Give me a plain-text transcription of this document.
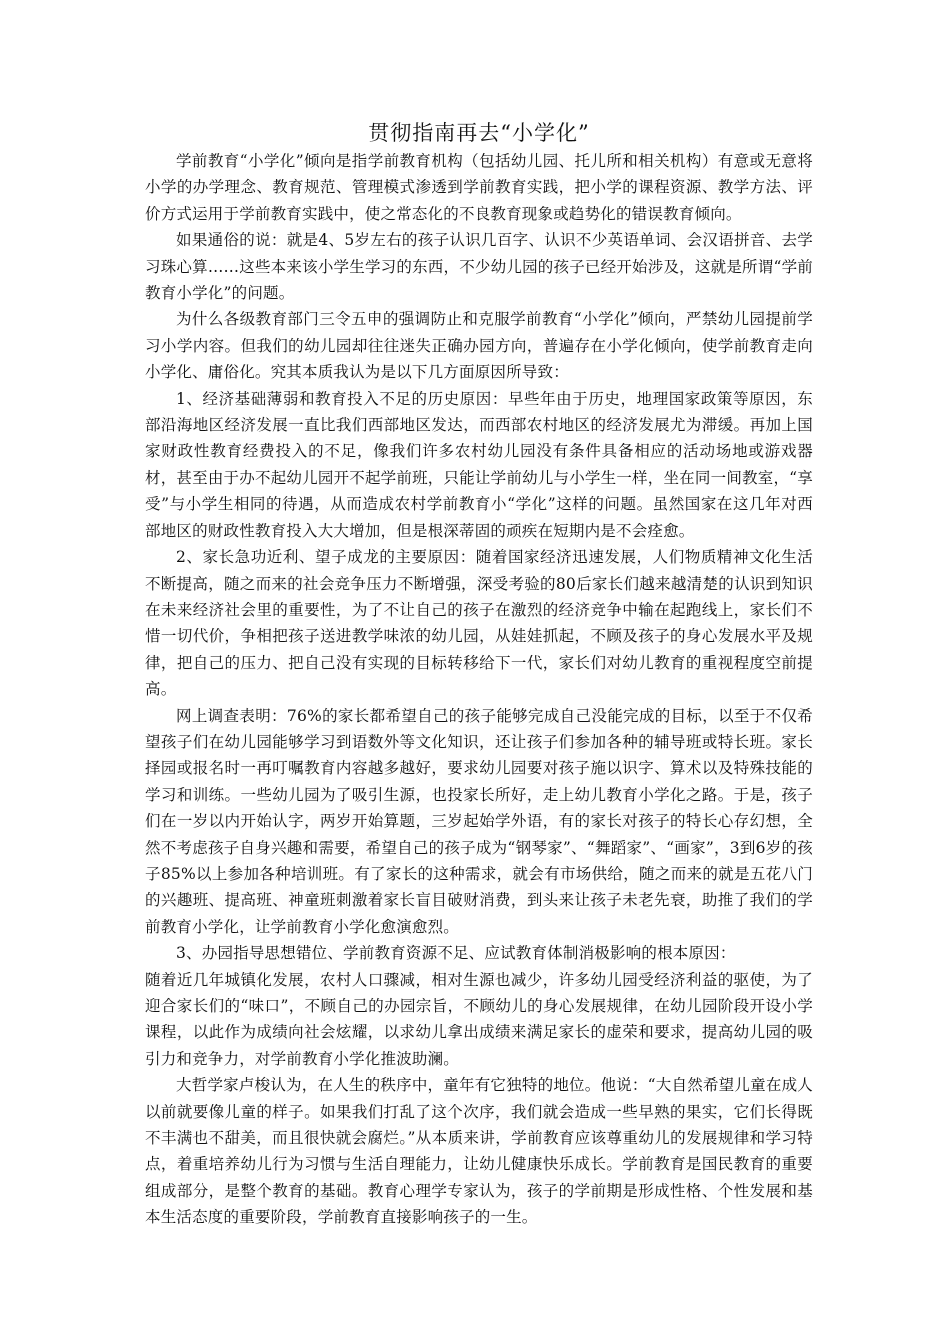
贯彻指南再去“小学化”

学前教育“小学化”倾向是指学前教育机构（包括幼儿园、托儿所和相关机构）有意或无意将小学的办学理念、教育规范、管理模式渗透到学前教育实践，把小学的课程资源、教学方法、评价方式运用于学前教育实践中，使之常态化的不良教育现象或趋势化的错误教育倾向。

如果通俗的说：就是4、5岁左右的孩子认识几百字、认识不少英语单词、会汉语拼音、去学习珠心算……这些本来该小学生学习的东西，不少幼儿园的孩子已经开始涉及，这就是所谓“学前教育小学化”的问题。

为什么各级教育部门三令五申的强调防止和克服学前教育“小学化”倾向，严禁幼儿园提前学习小学内容。但我们的幼儿园却往往迷失正确办园方向，普遍存在小学化倾向，使学前教育走向小学化、庸俗化。究其本质我认为是以下几方面原因所导致：

1、经济基础薄弱和教育投入不足的历史原因：早些年由于历史，地理国家政策等原因，东部沿海地区经济发展一直比我们西部地区发达，而西部农村地区的经济发展尤为滞缓。再加上国家财政性教育经费投入的不足，像我们许多农村幼儿园没有条件具备相应的活动场地或游戏器材，甚至由于办不起幼儿园开不起学前班，只能让学前幼儿与小学生一样，坐在同一间教室，“享受”与小学生相同的待遇，从而造成农村学前教育小“学化”这样的问题。虽然国家在这几年对西部地区的财政性教育投入大大增加，但是根深蒂固的顽疾在短期内是不会痊愈。

2、家长急功近利、望子成龙的主要原因：随着国家经济迅速发展，人们物质精神文化生活不断提高，随之而来的社会竞争压力不断增强，深受考验的80后家长们越来越清楚的认识到知识在未来经济社会里的重要性，为了不让自己的孩子在激烈的经济竞争中输在起跑线上，家长们不惜一切代价，争相把孩子送进教学味浓的幼儿园，从娃娃抓起，不顾及孩子的身心发展水平及规律，把自己的压力、把自己没有实现的目标转移给下一代，家长们对幼儿教育的重视程度空前提高。

网上调查表明：76%的家长都希望自己的孩子能够完成自己没能完成的目标，以至于不仅希望孩子们在幼儿园能够学习到语数外等文化知识，还让孩子们参加各种的辅导班或特长班。家长择园或报名时一再叮嘱教育内容越多越好，要求幼儿园要对孩子施以识字、算术以及特殊技能的学习和训练。一些幼儿园为了吸引生源，也投家长所好，走上幼儿教育小学化之路。于是，孩子们在一岁以内开始认字，两岁开始算题，三岁起始学外语，有的家长对孩子的特长心存幻想，全然不考虑孩子自身兴趣和需要，希望自己的孩子成为“钢琴家”、“舞蹈家”、“画家”，3到6岁的孩子85%以上参加各种培训班。有了家长的这种需求，就会有市场供给，随之而来的就是五花八门的兴趣班、提高班、神童班刺激着家长盲目破财消费，到头来让孩子未老先衰，助推了我们的学前教育小学化，让学前教育小学化愈演愈烈。

3、办园指导思想错位、学前教育资源不足、应试教育体制消极影响的根本原因：

随着近几年城镇化发展，农村人口骤减，相对生源也减少，许多幼儿园受经济利益的驱使，为了迎合家长们的“味口”，不顾自己的办园宗旨，不顾幼儿的身心发展规律，在幼儿园阶段开设小学课程，以此作为成绩向社会炫耀，以求幼儿拿出成绩来满足家长的虚荣和要求，提高幼儿园的吸引力和竞争力，对学前教育小学化推波助澜。

大哲学家卢梭认为，在人生的秩序中，童年有它独特的地位。他说：“大自然希望儿童在成人以前就要像儿童的样子。如果我们打乱了这个次序，我们就会造成一些早熟的果实，它们长得既不丰满也不甜美，而且很快就会腐烂。”从本质来讲，学前教育应该尊重幼儿的发展规律和学习特点，着重培养幼儿行为习惯与生活自理能力，让幼儿健康快乐成长。学前教育是国民教育的重要组成部分，是整个教育的基础。教育心理学专家认为，孩子的学前期是形成性格、个性发展和基本生活态度的重要阶段，学前教育直接影响孩子的一生。
